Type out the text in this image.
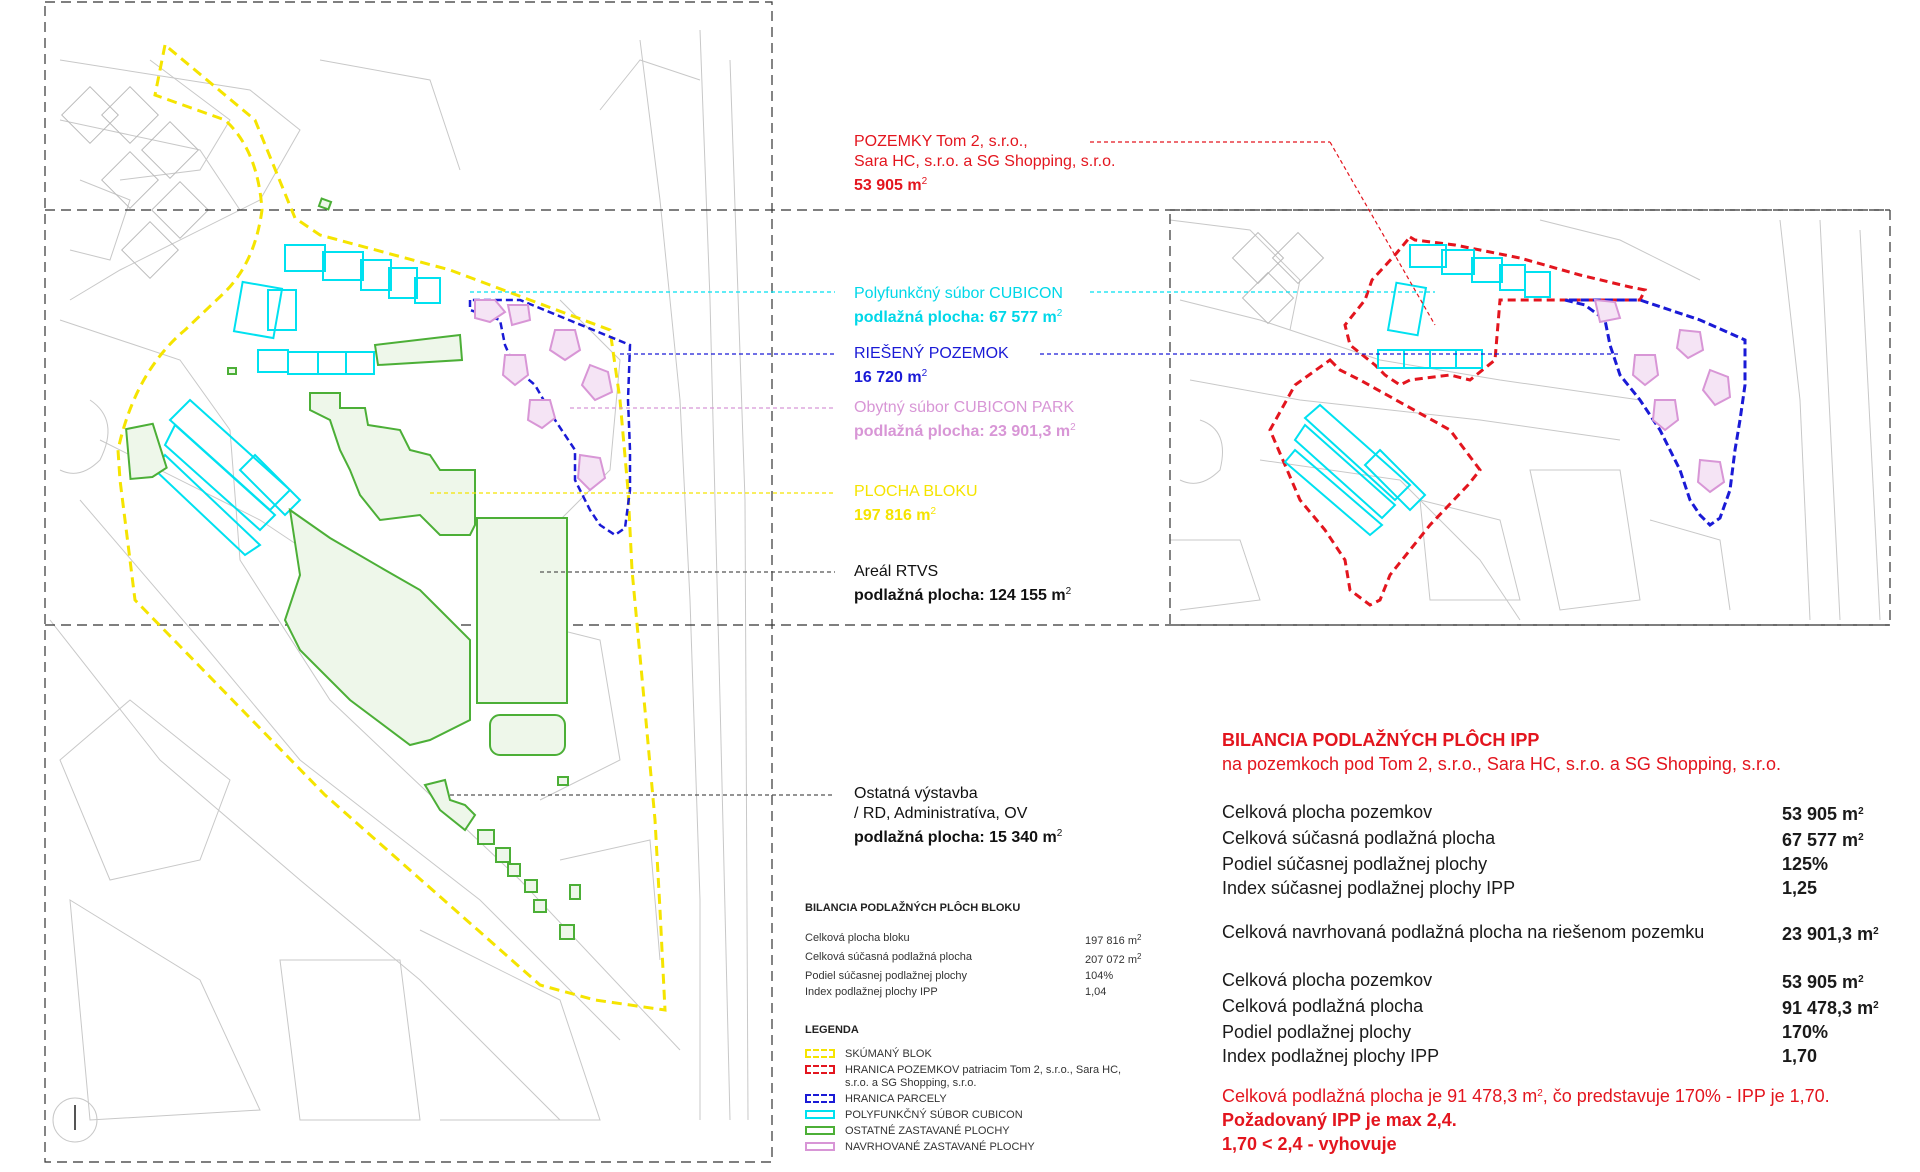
POZEMKY Tom 2, s.r.o.,
Sara HC, s.r.o. a SG Shopping, s.r.o.
53 905 $m^2$
Polyfunkčný súbor CUBICON
podlažná plocha: 67 577 $m^2$
RIEŠENÝ POZEMOK
16 720 $m^2$
Obytný súbor CUBICON PARK
podlažná plocha: 23 901,3 $m^2$
PLOCHA BLOKU
197 816 $m^2$
Areál RTVS
podlažná plocha: 124 155 $m^2$
Ostatná výstavba
/ RD, Administratíva, OV
podlažná plocha: 15 340 $m^2$
BILANCIA PODLAŽNÝCH PLÔCH IPP
na pozemkoch pod Tom 2, s.r.o., Sara HC, s.r.o. a SG Shopping, s.r.o.
Celková plocha pozemkov	53 905 $m^2$
Celková súčasná podlažná plocha	67 577 $m^2$
Podiel súčasnej podlažnej plochy	125%
Index súčasnej podlažnej plochy IPP	1,25
Celková navrhovaná podlažná plocha na riešenom pozemku	23 901,3 $m^2$
Celková plocha pozemkov	53 905 $m^2$
Celková podlažná plocha	91 478,3 $m^2$
Podiel podlažnej plochy	170%
Index podlažnej plochy IPP	1,70
Celková podlažná plocha je 91 478,3 $m^2$, čo predstavuje 170% - IPP je 1,70.
Požadovaný IPP je max 2,4.
1,70 < 2,4 - vyhovuje
BILANCIA PODLAŽNÝCH PLÔCH BLOKU
Celková plocha bloku	197 816 $m^2$
Celková súčasná podlažná plocha	207 072 $m^2$
Podiel súčasnej podlažnej plochy	104%
Index podlažnej plochy IPP	1,04
LEGENDA
SKÚMANÝ BLOK
HRANICA POZEMKOV patriacim Tom 2, s.r.o., Sara HC, s.r.o. a SG Shopping, s.r.o.
HRANICA PARCELY
POLYFUNKČNÝ SÚBOR CUBICON
OSTATNÉ ZASTAVANÉ PLOCHY
NAVRHOVANÉ ZASTAVANÉ PLOCHY
